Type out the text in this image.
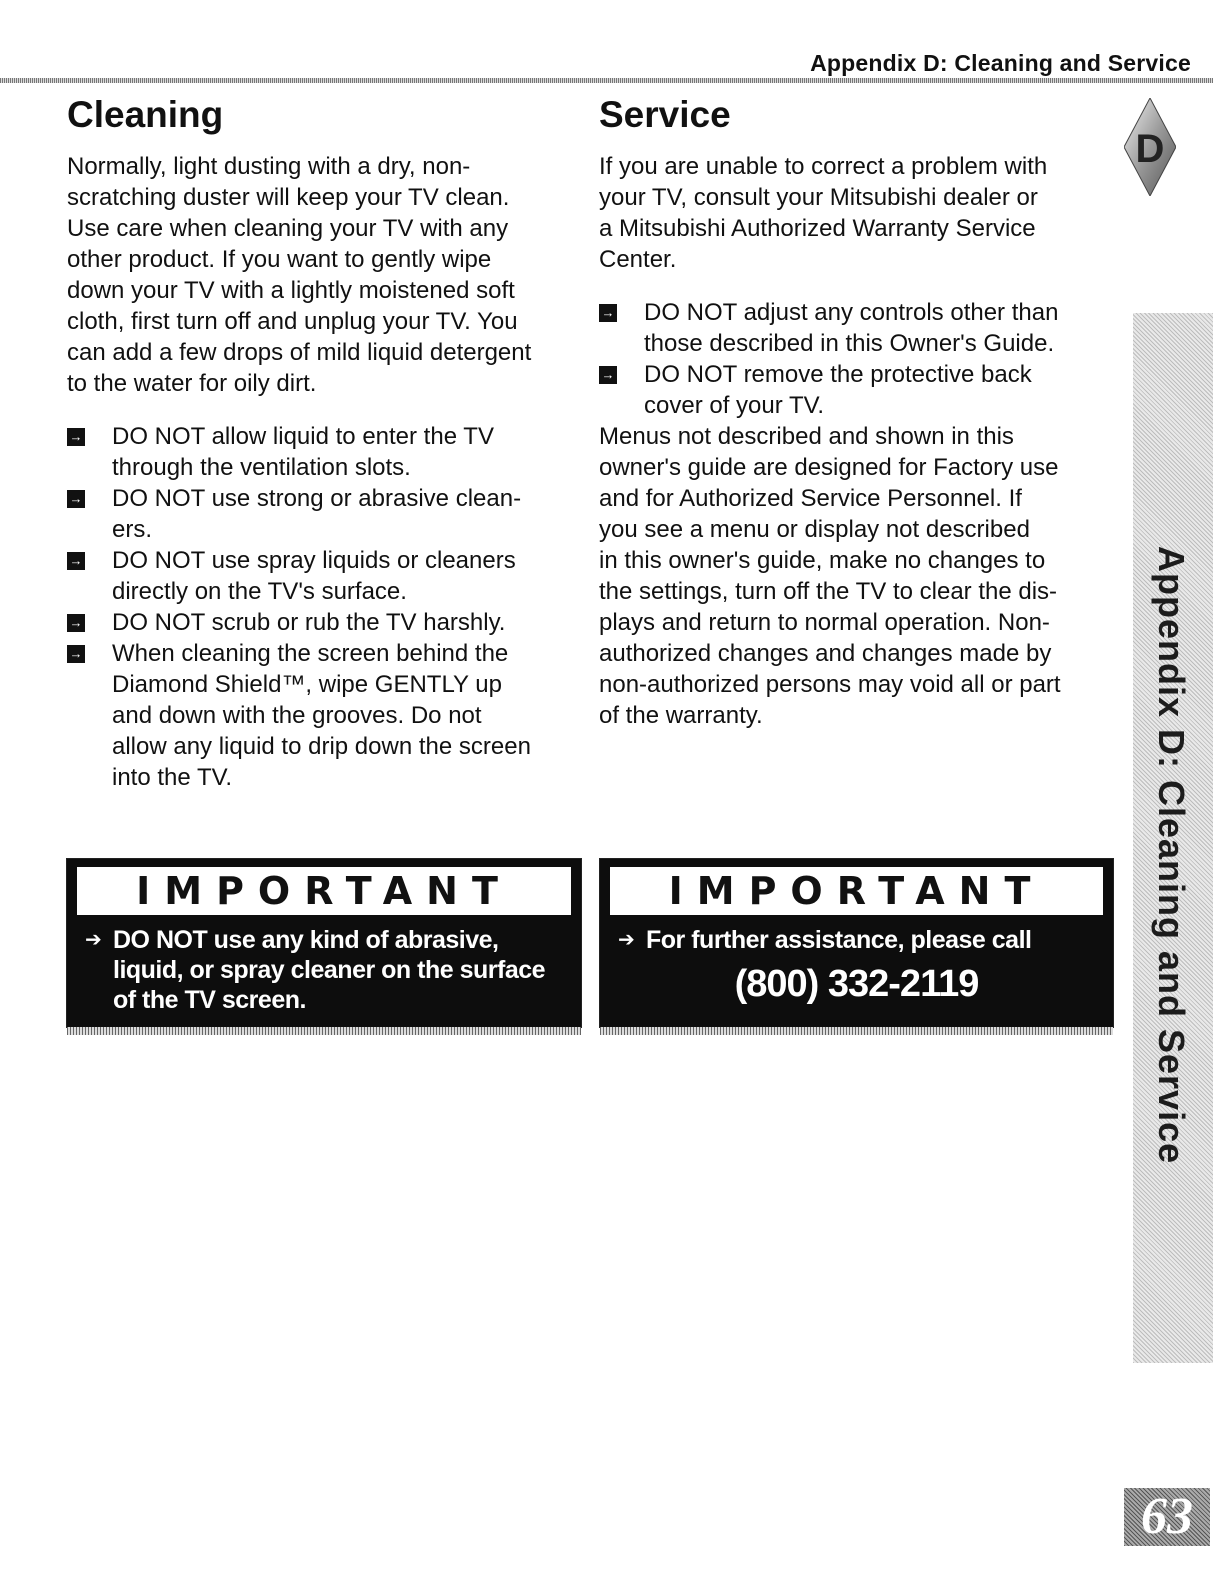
Appendix D: Cleaning and Service
Cleaning

Normally, light dusting with a dry, non-
scratching duster will keep your TV clean.
Use care when cleaning your TV with any
other product. If you want to gently wipe
down your TV with a lightly moistened soft
cloth, first turn off and unplug your TV. You
can add a few drops of mild liquid detergent
to the water for oily dirt.

→ DO NOT allow liquid to enter the TV
through the ventilation slots.
→ DO NOT use strong or abrasive clean-
ers.
→ DO NOT use spray liquids or cleaners
directly on the TV's surface.
→ DO NOT scrub or rub the TV harshly.
→ When cleaning the screen behind the
Diamond Shield™, wipe GENTLY up
and down with the grooves. Do not
allow any liquid to drip down the screen
into the TV.
Service

If you are unable to correct a problem with
your TV, consult your Mitsubishi dealer or
a Mitsubishi Authorized Warranty Service
Center.

→ DO NOT adjust any controls other than
those described in this Owner's Guide.
→ DO NOT remove the protective back
cover of your TV.

Menus not described and shown in this
owner's guide are designed for Factory use
and for Authorized Service Personnel. If
you see a menu or display not described
in this owner's guide, make no changes to
the settings, turn off the TV to clear the dis-
plays and return to normal operation. Non-
authorized changes and changes made by
non-authorized persons may void all or part
of the warranty.

IMPORTANT
➔ DO NOT use any kind of abrasive, liquid, or spray cleaner on the surface of the TV screen.
IMPORTANT
➔ For further assistance, please call
(800) 332-2119	Appendix D: Cleaning and Service
D
63
